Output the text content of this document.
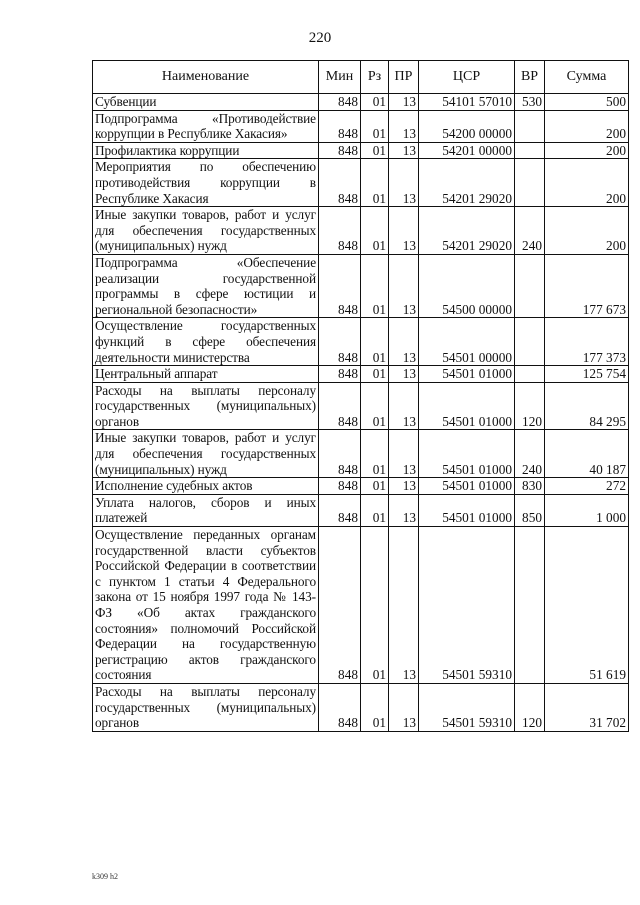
220
Наименование	Мин	Рз	ПР	ЦСР	ВР	Сумма
Субвенции	848	01	13	54101 57010	530	500
Подпрограмма «Противодействие коррупции в Республике Хакасия»	848	01	13	54200 00000		200
Профилактика коррупции	848	01	13	54201 00000		200
Мероприятия по обеспечению противодействия коррупции в Республике Хакасия	848	01	13	54201 29020		200
Иные закупки товаров, работ и услуг для обеспечения государственных (муниципальных) нужд	848	01	13	54201 29020	240	200
Подпрограмма «Обеспечение реализации государственной программы в сфере юстиции и региональной безопасности»	848	01	13	54500 00000		177 673
Осуществление государственных функций в сфере обеспечения деятельности министерства	848	01	13	54501 00000		177 373
Центральный аппарат	848	01	13	54501 01000		125 754
Расходы на выплаты персоналу государственных (муниципальных) органов	848	01	13	54501 01000	120	84 295
Иные закупки товаров, работ и услуг для обеспечения государственных (муниципальных) нужд	848	01	13	54501 01000	240	40 187
Исполнение судебных актов	848	01	13	54501 01000	830	272
Уплата налогов, сборов и иных платежей	848	01	13	54501 01000	850	1 000
Осуществление переданных органам государственной власти субъектов Российской Федерации в соответствии с пунктом 1 статьи 4 Федерального закона от 15 ноября 1997 года № 143-ФЗ «Об актах гражданского состояния» полномочий Российской Федерации на государственную регистрацию актов гражданского состояния	848	01	13	54501 59310		51 619
Расходы на выплаты персоналу государственных (муниципальных) органов	848	01	13	54501 59310	120	31 702
k309 h2
